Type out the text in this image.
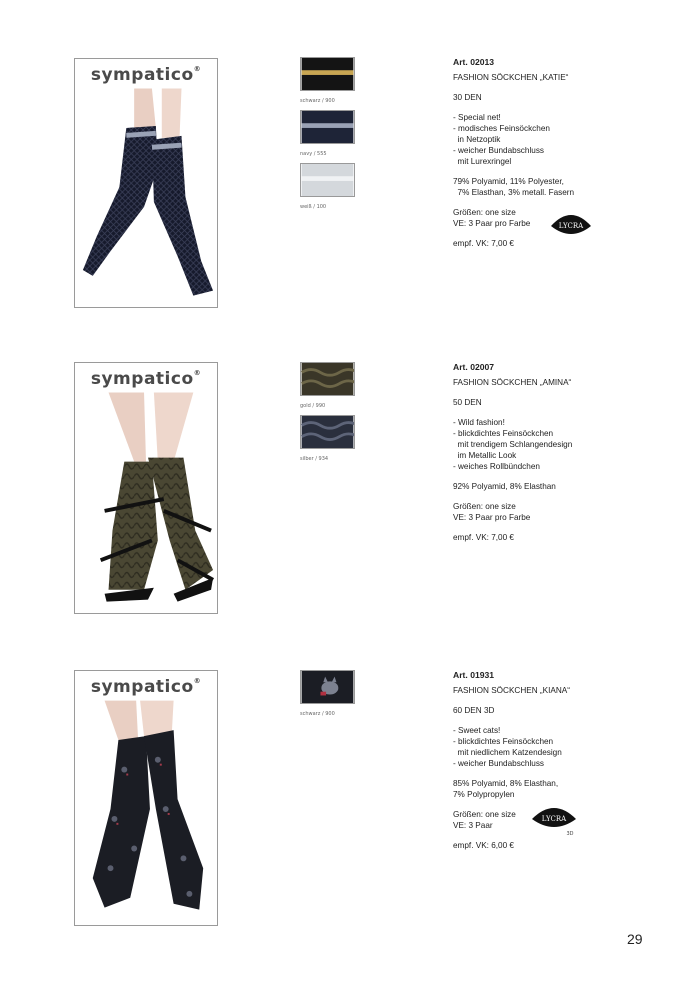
sympatico®
schwarz / 900
navy / 555
weiß / 100
Art. 02013
FASHION SÖCKCHEN „KATIE“
30 DEN
- Special net!
- modisches Feinsöckchen
in Netzoptik
- weicher Bundabschluss
mit Lurexringel
79% Polyamid, 11% Polyester,
7% Elasthan, 3% metall. Fasern
Größen: one size
VE: 3 Paar pro Farbe
empf. VK: 7,00 €
LYCRA
sympatico®
gold / 990
silber / 934
Art. 02007
FASHION SÖCKCHEN „AMINA“
50 DEN
- Wild fashion!
- blickdichtes Feinsöckchen
mit trendigem Schlangendesign
im Metallic Look
- weiches Rollbündchen
92% Polyamid, 8% Elasthan
Größen: one size
VE: 3 Paar pro Farbe
empf. VK: 7,00 €
sympatico®
schwarz / 900
Art. 01931
FASHION SÖCKCHEN „KIANA“
60 DEN 3D
- Sweet cats!
- blickdichtes Feinsöckchen
mit niedlichem Katzendesign
- weicher Bundabschluss
85% Polyamid, 8% Elasthan,
7% Polypropylen
Größen: one size
VE: 3 Paar
empf. VK: 6,00 €
LYCRA
3D
29
